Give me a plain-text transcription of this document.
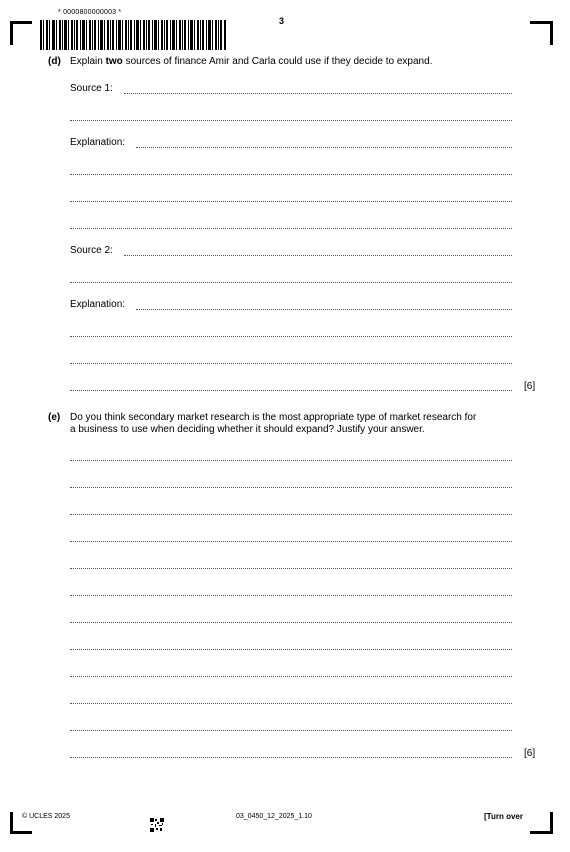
* 0000800000003 *
3
(d) Explain two sources of finance Amir and Carla could use if they decide to expand.
Source 1:
Explanation:
Source 2:
Explanation:
[6]
(e) Do you think secondary market research is the most appropriate type of market research for
a business to use when deciding whether it should expand? Justify your answer.
[6]
© UCLES 2025	03_0450_12_2025_1.10	[Turn over
